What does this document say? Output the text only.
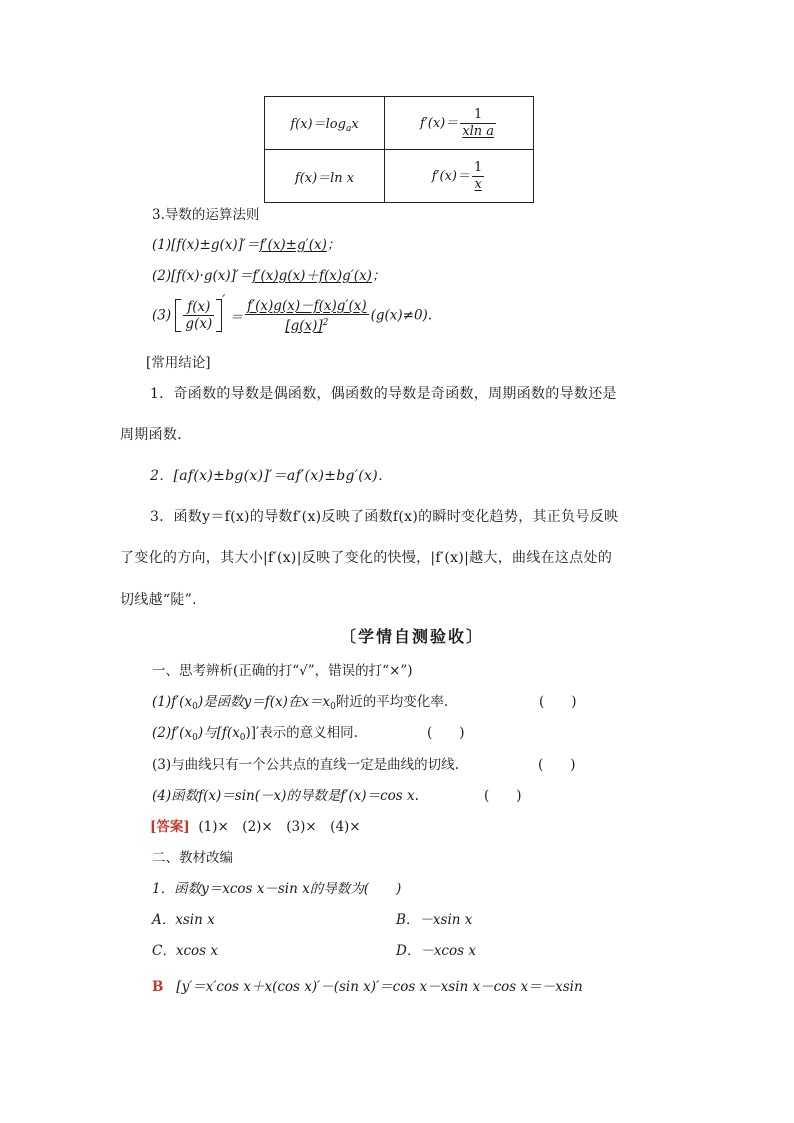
$f(x)=\log_ax$	$f'(x)= \frac{1}{\text{xln a}}$

f(x)＝ln x	$f'(x)= \frac{1}{x}$
3.导数的运算法则
(1)[f(x)±g(x)]′＝f′(x)±g′(x)；
(2)[f(x)·g(x)]′＝f′(x)g(x)＋f(x)g′(x)；
$(3) \frac{f(x)}{g(x)}$ ′ ＝ $\frac{f'(x)g(x)-f(x)g'(x)}{[g(x)]^2} (g(x)\ne 0)$.
[常用结论]
1．奇函数的导数是偶函数，偶函数的导数是奇函数，周期函数的导数还是
周期函数．
2．[af(x)±bg(x)]′＝af′(x)±bg′(x)．
3．函数y＝f(x)的导数f′(x)反映了函数f(x)的瞬时变化趋势，其正负号反映
了变化的方向，其大小|f′(x)|反映了变化的快慢，|f′(x)|越大，曲线在这点处的
切线越“陡”.
〔学情自测验收〕
一、思考辨析(正确的打“√”，错误的打“×”)
$(1)f'(x_0)$是函数y＝f(x)在$x=x_0$附近的平均变化率.	(　　)
$(2)f'(x_0)$与$[f(x_0)]'$表示的意义相同.	(　　)
(3)与曲线只有一个公共点的直线一定是曲线的切线.	(　　)
(4)函数f(x)＝sin(－x)的导数是f′(x)＝cos x.	(　　)
[答案] (1)×　(2)×　(3)×　(4)×
二、教材改编
1．函数y＝xcos x－sin x的导数为(　　)
A．xsin x	B．－xsin x
C．xcos x	D．－xcos x
B [y′＝x′cos x＋x(cos x)′－(sin x)′＝cos x－xsin x－cos x＝－xsin
